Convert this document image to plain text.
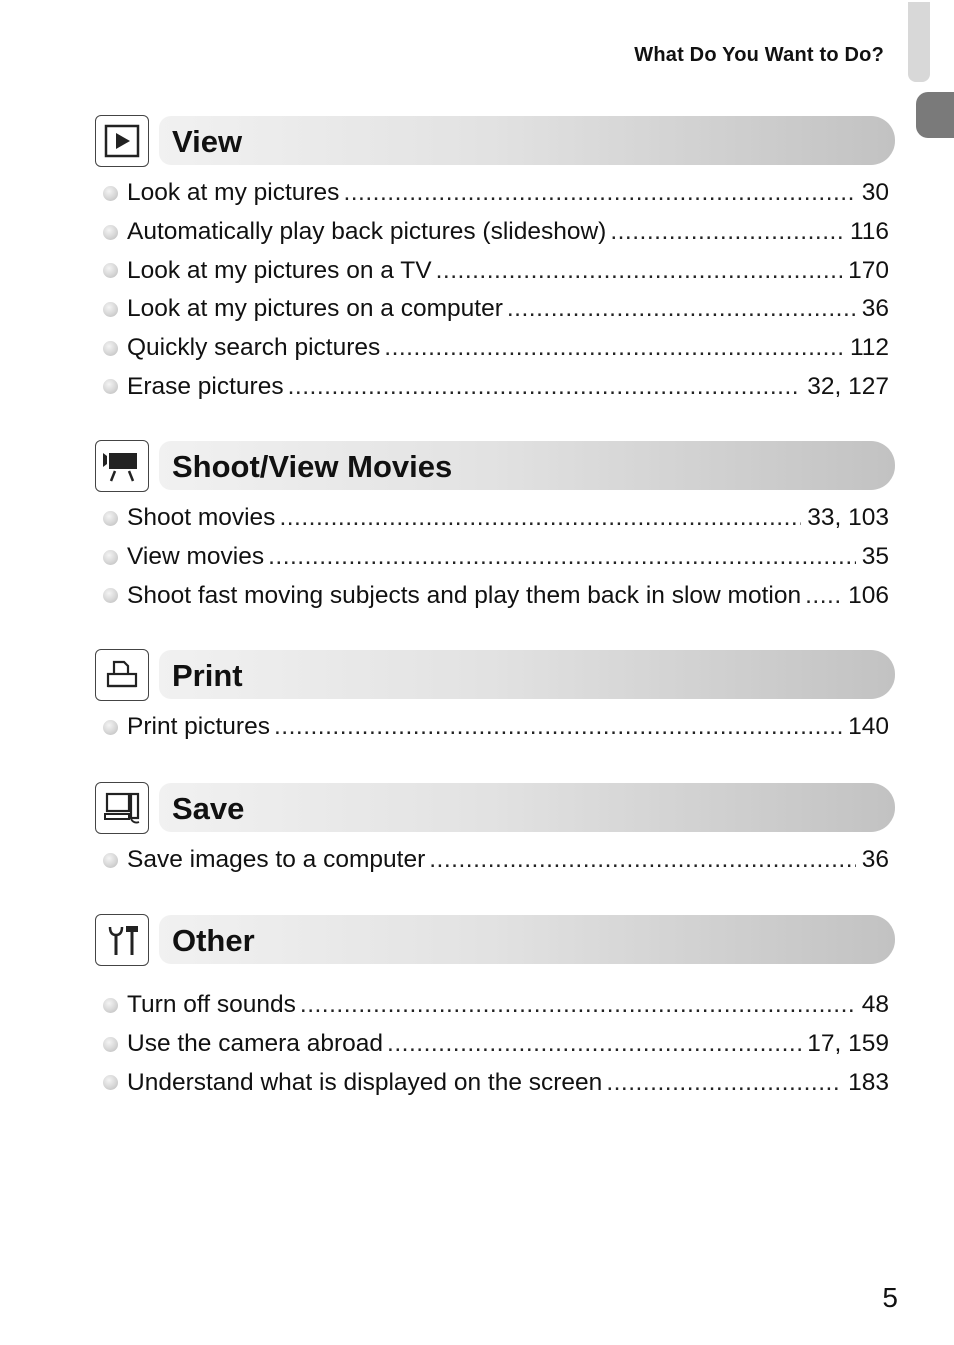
What Do You Want to Do?
View
Look at my pictures .....	30
Automatically play back pictures (slideshow) .....	116
Look at my pictures on a TV .....	170
Look at my pictures on a computer .....	36
Quickly search pictures .....	112
Erase pictures .....	32, 127
Shoot/View Movies
Shoot movies .....	33, 103
View movies .....	35
Shoot fast moving subjects and play them back in slow motion ..... 106
Print
Print pictures .....	140
Save
Save images to a computer .....	36
Other
Turn off sounds .....	48
Use the camera abroad .....	17, 159
Understand what is displayed on the screen .....	183
5
